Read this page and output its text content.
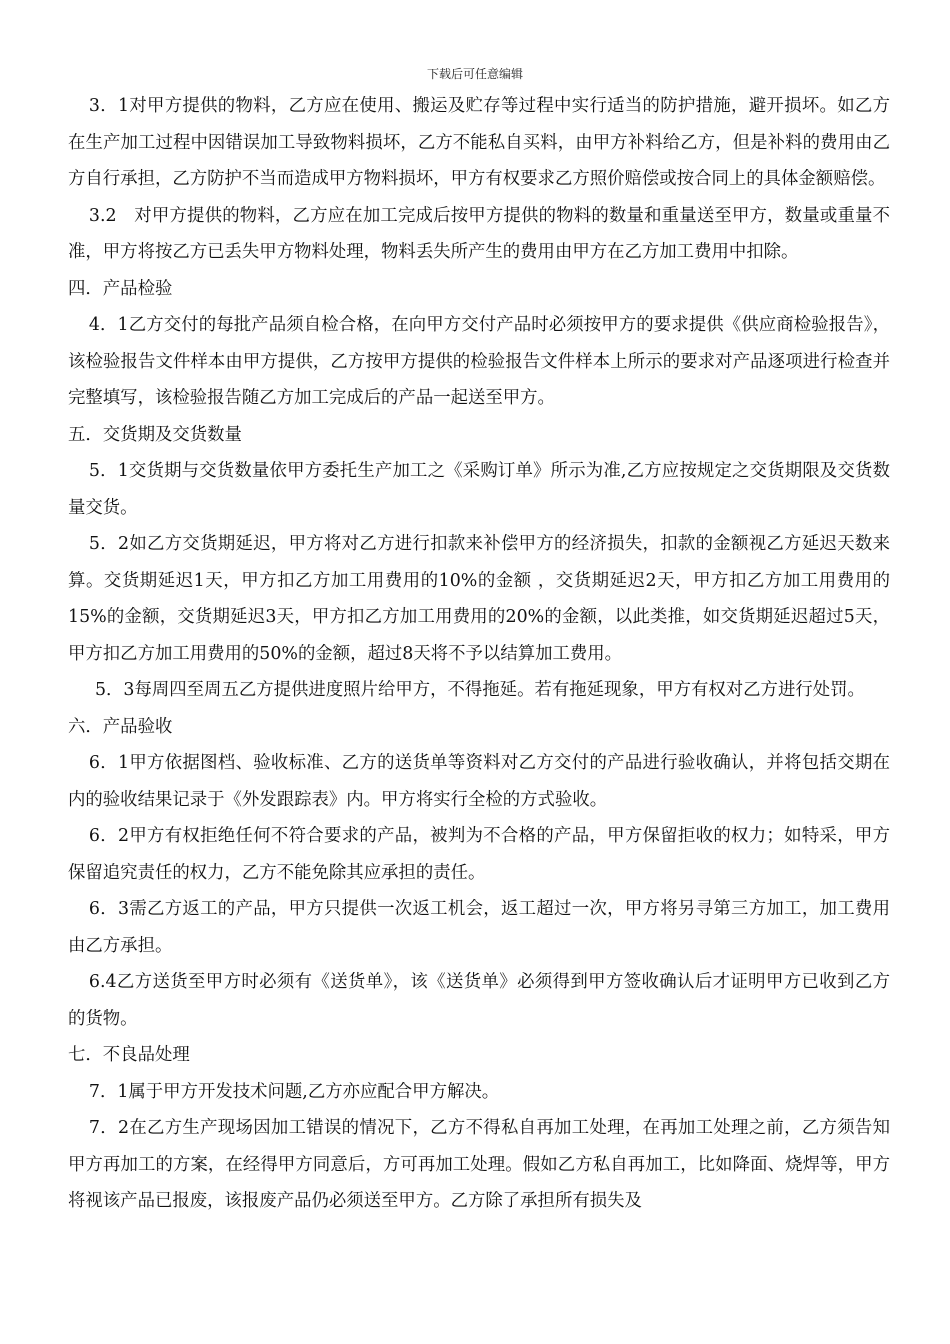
下载后可任意编辑

3．1对甲方提供的物料，乙方应在使用、搬运及贮存等过程中实行适当的防护措施，避开损坏。如乙方在生产加工过程中因错误加工导致物料损坏，乙方不能私自买料，由甲方补料给乙方，但是补料的费用由乙方自行承担，乙方防护不当而造成甲方物料损坏，甲方有权要求乙方照价赔偿或按合同上的具体金额赔偿。

3.2　对甲方提供的物料，乙方应在加工完成后按甲方提供的物料的数量和重量送至甲方，数量或重量不准，甲方将按乙方已丢失甲方物料处理，物料丢失所产生的费用由甲方在乙方加工费用中扣除。

四．产品检验

4．1乙方交付的每批产品须自检合格，在向甲方交付产品时必须按甲方的要求提供《供应商检验报告》，该检验报告文件样本由甲方提供，乙方按甲方提供的检验报告文件样本上所示的要求对产品逐项进行检查并完整填写，该检验报告随乙方加工完成后的产品一起送至甲方。

五．交货期及交货数量

5．1交货期与交货数量依甲方委托生产加工之《采购订单》所示为准,乙方应按规定之交货期限及交货数量交货。

5．2如乙方交货期延迟，甲方将对乙方进行扣款来补偿甲方的经济损失，扣款的金额视乙方延迟天数来算。交货期延迟1天，甲方扣乙方加工用费用的10%的金额 ，交货期延迟2天，甲方扣乙方加工用费用的15%的金额，交货期延迟3天，甲方扣乙方加工用费用的20%的金额，以此类推，如交货期延迟超过5天，甲方扣乙方加工用费用的50%的金额，超过8天将不予以结算加工费用。

5．3每周四至周五乙方提供进度照片给甲方，不得拖延。若有拖延现象，甲方有权对乙方进行处罚。

六．产品验收

6．1甲方依据图档、验收标准、乙方的送货单等资料对乙方交付的产品进行验收确认，并将包括交期在内的验收结果记录于《外发跟踪表》内。甲方将实行全检的方式验收。

6．2甲方有权拒绝任何不符合要求的产品，被判为不合格的产品，甲方保留拒收的权力；如特采，甲方保留追究责任的权力，乙方不能免除其应承担的责任。

6．3需乙方返工的产品，甲方只提供一次返工机会，返工超过一次，甲方将另寻第三方加工，加工费用由乙方承担。

6.4乙方送货至甲方时必须有《送货单》，该《送货单》必须得到甲方签收确认后才证明甲方已收到乙方的货物。

七．不良品处理

7．1属于甲方开发技术问题,乙方亦应配合甲方解决。

7．2在乙方生产现场因加工错误的情况下，乙方不得私自再加工处理，在再加工处理之前，乙方须告知甲方再加工的方案，在经得甲方同意后，方可再加工处理。假如乙方私自再加工，比如降面、烧焊等，甲方将视该产品已报废，该报废产品仍必须送至甲方。乙方除了承担所有损失及
